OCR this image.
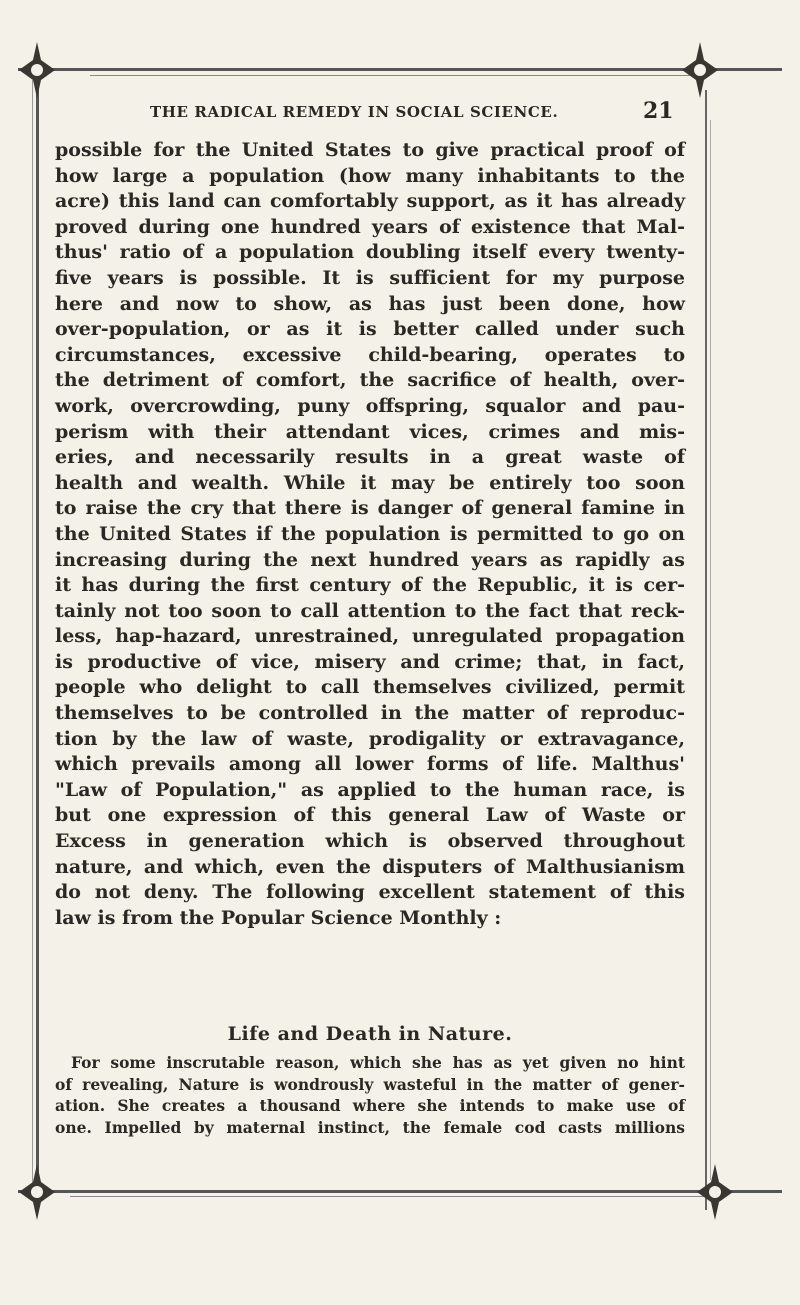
THE RADICAL REMEDY IN SOCIAL SCIENCE.	21
possible for the United States to give practical proof of
how large a population (how many inhabitants to the
acre) this land can comfortably support, as it has already
proved during one hundred years of existence that Mal-
thus' ratio of a population doubling itself every twenty-
five years is possible. It is sufficient for my purpose
here and now to show, as has just been done, how
over-population, or as it is better called under such
circumstances, excessive child-bearing, operates to
the detriment of comfort, the sacrifice of health, over-
work, overcrowding, puny offspring, squalor and pau-
perism with their attendant vices, crimes and mis-
eries, and necessarily results in a great waste of
health and wealth. While it may be entirely too soon
to raise the cry that there is danger of general famine in
the United States if the population is permitted to go on
increasing during the next hundred years as rapidly as
it has during the first century of the Republic, it is cer-
tainly not too soon to call attention to the fact that reck-
less, hap-hazard, unrestrained, unregulated propagation
is productive of vice, misery and crime; that, in fact,
people who delight to call themselves civilized, permit
themselves to be controlled in the matter of reproduc-
tion by the law of waste, prodigality or extravagance,
which prevails among all lower forms of life. Malthus'
"Law of Population," as applied to the human race, is
but one expression of this general Law of Waste or
Excess in generation which is observed throughout
nature, and which, even the disputers of Malthusianism
do not deny. The following excellent statement of this
law is from the Popular Science Monthly :
Life and Death in Nature.
For some inscrutable reason, which she has as yet given no hint
of revealing, Nature is wondrously wasteful in the matter of gener-
ation. She creates a thousand where she intends to make use of
one. Impelled by maternal instinct, the female cod casts millions
